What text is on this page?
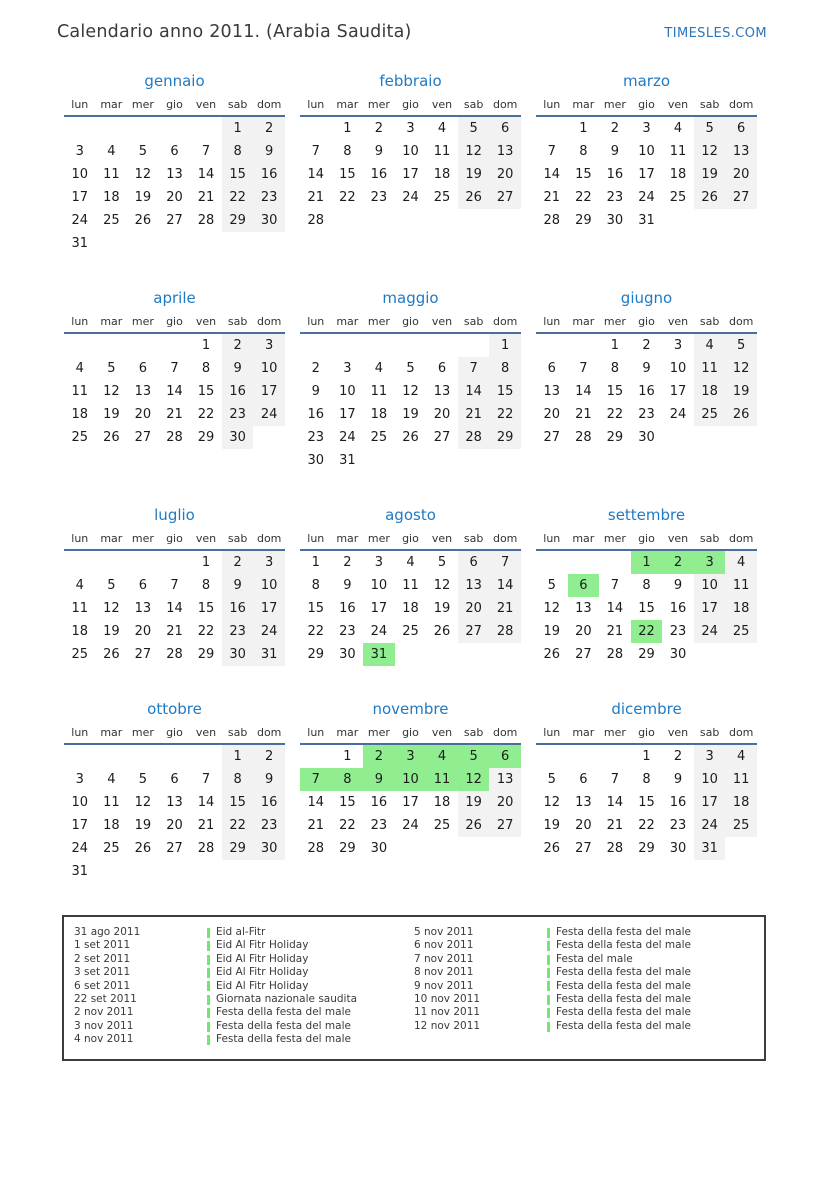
Calendario anno 2011. (Arabia Saudita)	TIMESLES.COM
gennaio
lun	mar	mer	gio	ven	sab	dom
					1	2
3	4	5	6	7	8	9
10	11	12	13	14	15	16
17	18	19	20	21	22	23
24	25	26	27	28	29	30
31						
febbraio
lun	mar	mer	gio	ven	sab	dom
	1	2	3	4	5	6
7	8	9	10	11	12	13
14	15	16	17	18	19	20
21	22	23	24	25	26	27
28						
marzo
lun	mar	mer	gio	ven	sab	dom
	1	2	3	4	5	6
7	8	9	10	11	12	13
14	15	16	17	18	19	20
21	22	23	24	25	26	27
28	29	30	31			
aprile
lun	mar	mer	gio	ven	sab	dom
				1	2	3
4	5	6	7	8	9	10
11	12	13	14	15	16	17
18	19	20	21	22	23	24
25	26	27	28	29	30	
maggio
lun	mar	mer	gio	ven	sab	dom
						1
2	3	4	5	6	7	8
9	10	11	12	13	14	15
16	17	18	19	20	21	22
23	24	25	26	27	28	29
30	31					
giugno
lun	mar	mer	gio	ven	sab	dom
		1	2	3	4	5
6	7	8	9	10	11	12
13	14	15	16	17	18	19
20	21	22	23	24	25	26
27	28	29	30			
luglio
lun	mar	mer	gio	ven	sab	dom
				1	2	3
4	5	6	7	8	9	10
11	12	13	14	15	16	17
18	19	20	21	22	23	24
25	26	27	28	29	30	31
agosto
lun	mar	mer	gio	ven	sab	dom
1	2	3	4	5	6	7
8	9	10	11	12	13	14
15	16	17	18	19	20	21
22	23	24	25	26	27	28
29	30	31				
settembre
lun	mar	mer	gio	ven	sab	dom
			1	2	3	4
5	6	7	8	9	10	11
12	13	14	15	16	17	18
19	20	21	22	23	24	25
26	27	28	29	30		
ottobre
lun	mar	mer	gio	ven	sab	dom
					1	2
3	4	5	6	7	8	9
10	11	12	13	14	15	16
17	18	19	20	21	22	23
24	25	26	27	28	29	30
31						
novembre
lun	mar	mer	gio	ven	sab	dom
	1	2	3	4	5	6
7	8	9	10	11	12	13
14	15	16	17	18	19	20
21	22	23	24	25	26	27
28	29	30				
dicembre
lun	mar	mer	gio	ven	sab	dom
			1	2	3	4
5	6	7	8	9	10	11
12	13	14	15	16	17	18
19	20	21	22	23	24	25
26	27	28	29	30	31	
31 ago 2011	Eid al-Fitr
1 set 2011	Eid Al Fitr Holiday
2 set 2011	Eid Al Fitr Holiday
3 set 2011	Eid Al Fitr Holiday
6 set 2011	Eid Al Fitr Holiday
22 set 2011	Giornata nazionale saudita
2 nov 2011	Festa della festa del male
3 nov 2011	Festa della festa del male
4 nov 2011	Festa della festa del male
5 nov 2011	Festa della festa del male
6 nov 2011	Festa della festa del male
7 nov 2011	Festa del male
8 nov 2011	Festa della festa del male
9 nov 2011	Festa della festa del male
10 nov 2011	Festa della festa del male
11 nov 2011	Festa della festa del male
12 nov 2011	Festa della festa del male
